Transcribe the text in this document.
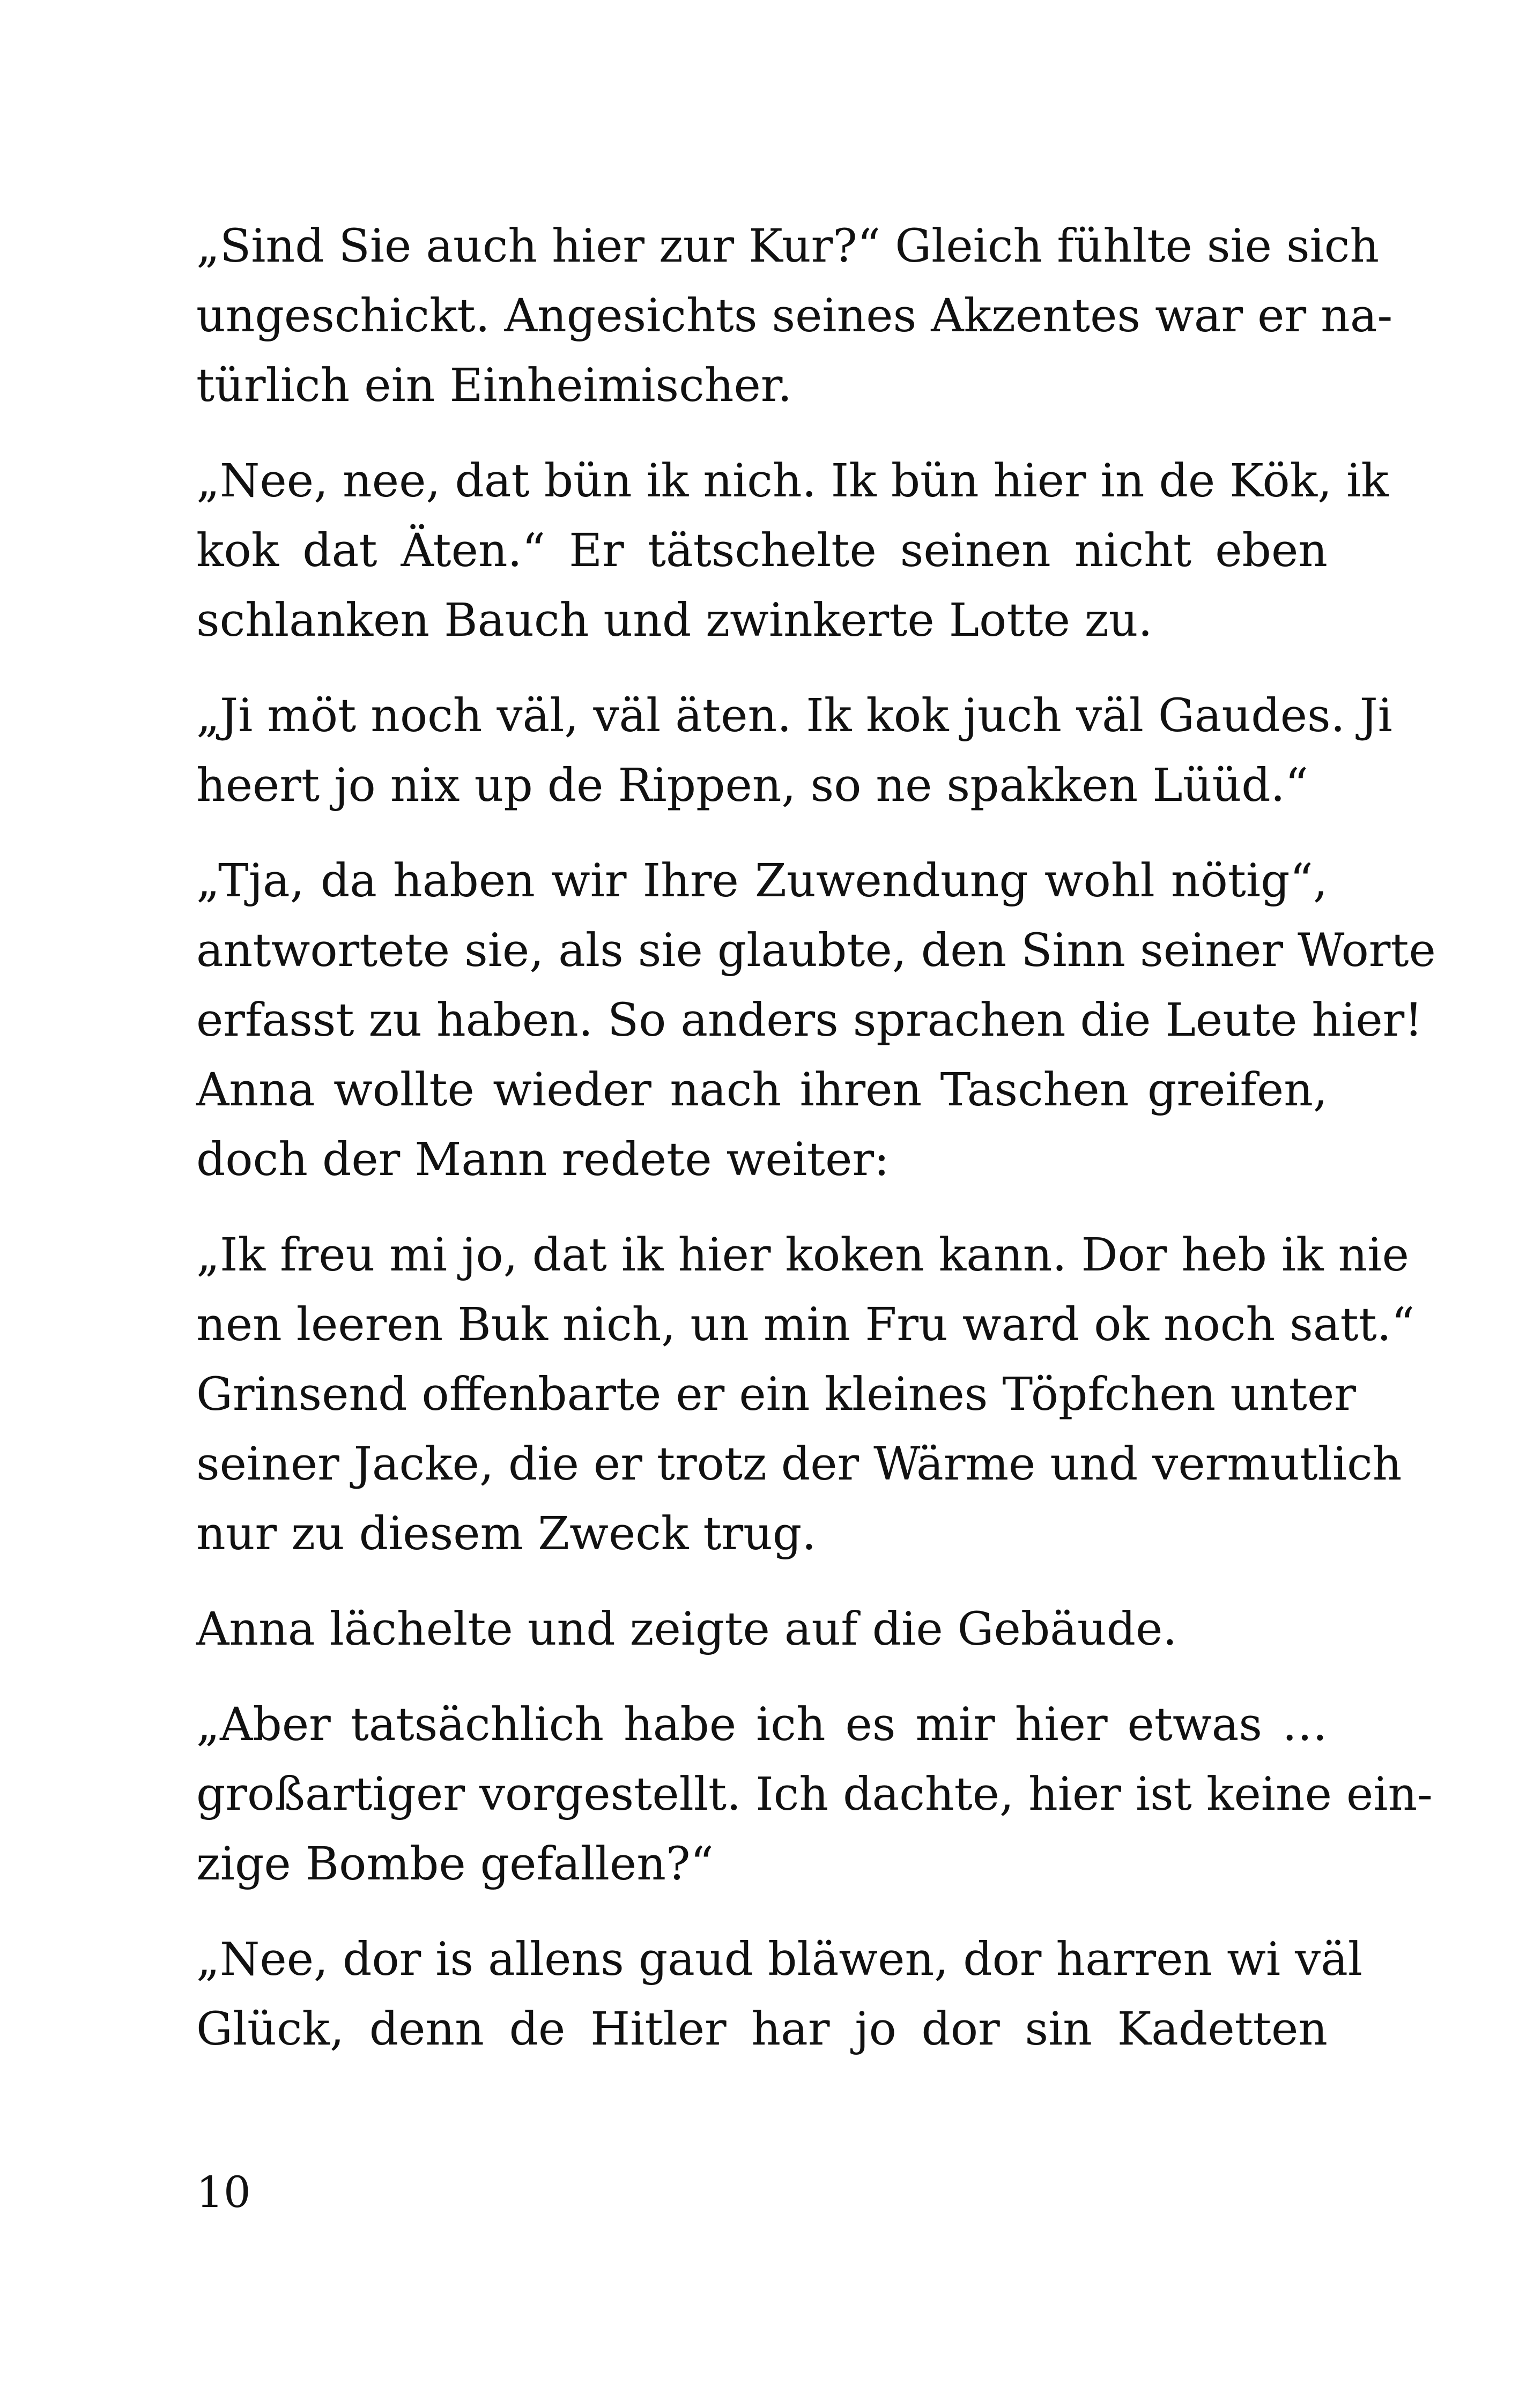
„Sind Sie auch hier zur Kur?“ Gleich fühlte sie sich
ungeschickt. Angesichts seines Akzentes war er na-
türlich ein Einheimischer.

„Nee, nee, dat bün ik nich. Ik bün hier in de Kök, ik
kok dat Äten.“ Er tätschelte seinen nicht eben
schlanken Bauch und zwinkerte Lotte zu.

„Ji möt noch väl, väl äten. Ik kok juch väl Gaudes. Ji
heert jo nix up de Rippen, so ne spakken Lüüd.“

„Tja, da haben wir Ihre Zuwendung wohl nötig“,
antwortete sie, als sie glaubte, den Sinn seiner Worte
erfasst zu haben. So anders sprachen die Leute hier!
Anna wollte wieder nach ihren Taschen greifen,
doch der Mann redete weiter:

„Ik freu mi jo, dat ik hier koken kann. Dor heb ik nie
nen leeren Buk nich, un min Fru ward ok noch satt.“
Grinsend offenbarte er ein kleines Töpfchen unter
seiner Jacke, die er trotz der Wärme und vermutlich
nur zu diesem Zweck trug.

Anna lächelte und zeigte auf die Gebäude.

„Aber tatsächlich habe ich es mir hier etwas …
großartiger vorgestellt. Ich dachte, hier ist keine ein-
zige Bombe gefallen?“

„Nee, dor is allens gaud bläwen, dor harren wi väl
Glück, denn de Hitler har jo dor sin Kadetten

10
